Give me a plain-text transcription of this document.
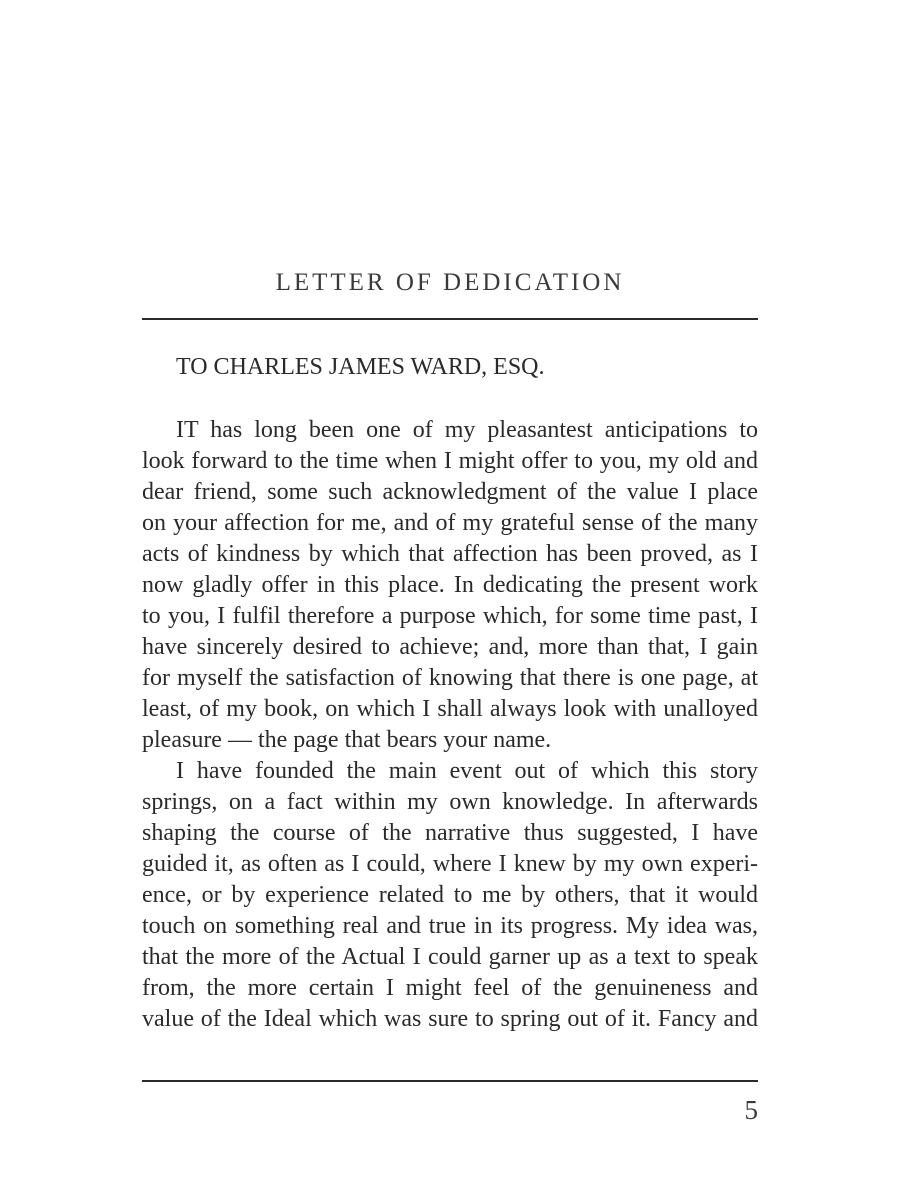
LETTER OF DEDICATION

TO CHARLES JAMES WARD, ESQ.

IT has long been one of my pleasantest anticipations to
look forward to the time when I might offer to you, my old and
dear friend, some such acknowledgment of the value I place
on your affection for me, and of my grateful sense of the many
acts of kindness by which that affection has been proved, as I
now gladly offer in this place. In dedicating the present work
to you, I fulfil therefore a purpose which, for some time past, I
have sincerely desired to achieve; and, more than that, I gain
for myself the satisfaction of knowing that there is one page, at
least, of my book, on which I shall always look with unalloyed
pleasure — the page that bears your name.
I have founded the main event out of which this story
springs, on a fact within my own knowledge. In afterwards
shaping the course of the narrative thus suggested, I have
guided it, as often as I could, where I knew by my own experi-
ence, or by experience related to me by others, that it would
touch on something real and true in its progress. My idea was,
that the more of the Actual I could garner up as a text to speak
from, the more certain I might feel of the genuineness and
value of the Ideal which was sure to spring out of it. Fancy and

5
